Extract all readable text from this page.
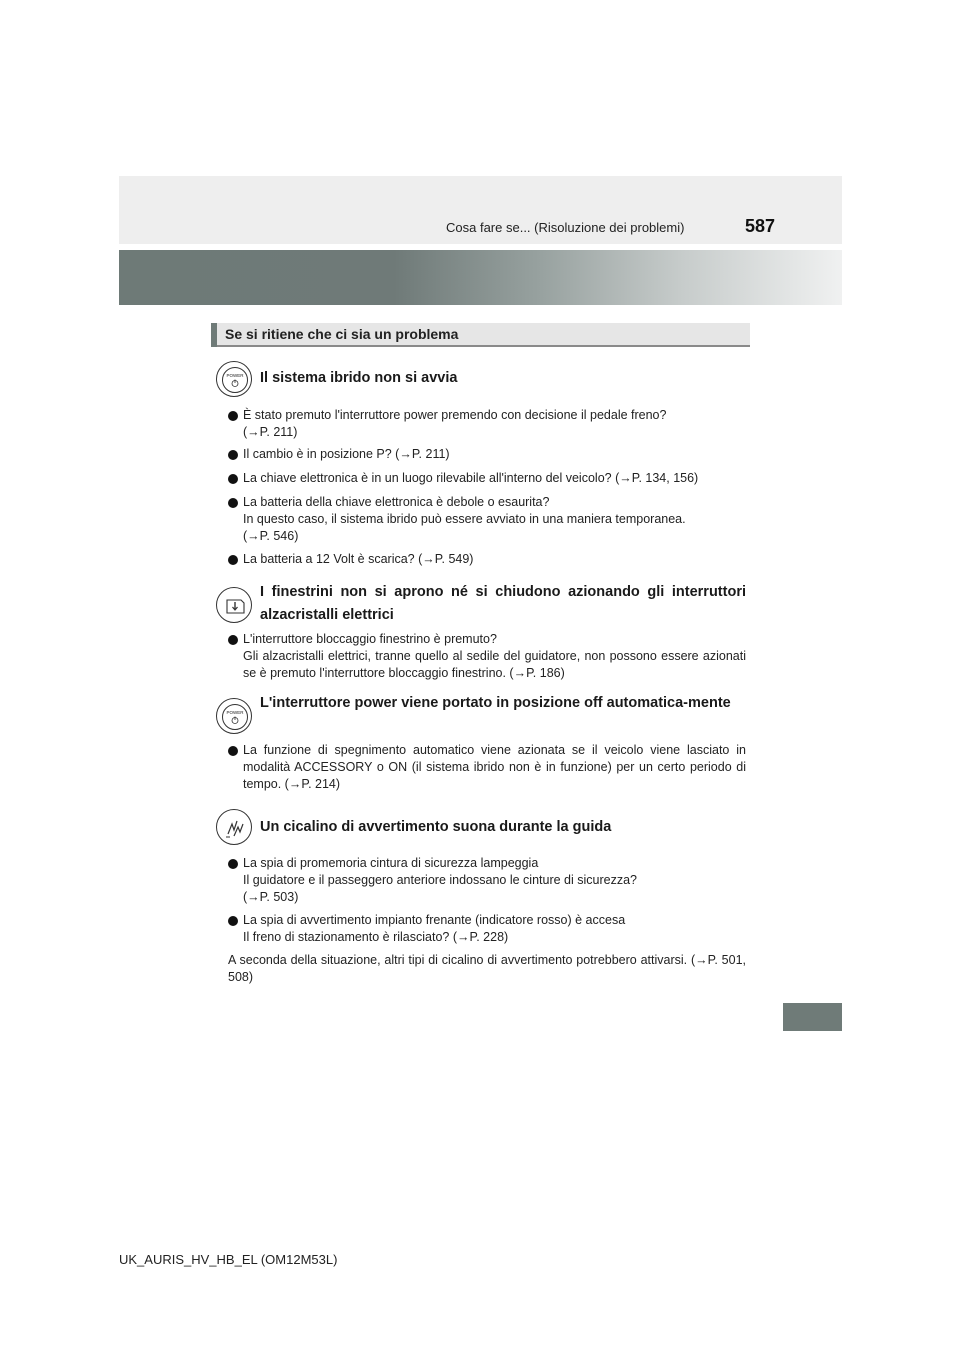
Cosa fare se... (Risoluzione dei problemi)	587
Se si ritiene che ci sia un problema
POWER Il sistema ibrido non si avvia
È stato premuto l'interruttore power premendo con decisione il pedale freno?
(→P. 211)
Il cambio è in posizione P? (→P. 211)
La chiave elettronica è in un luogo rilevabile all'interno del veicolo? (→P. 134, 156)
La batteria della chiave elettronica è debole o esaurita?
In questo caso, il sistema ibrido può essere avviato in una maniera temporanea.
(→P. 546)
La batteria a 12 Volt è scarica? (→P. 549)
I finestrini non si aprono né si chiudono azionando gli interruttori alzacristalli elettrici
L'interruttore bloccaggio finestrino è premuto?
Gli alzacristalli elettrici, tranne quello al sedile del guidatore, non possono essere azionati se è premuto l'interruttore bloccaggio finestrino. (→P. 186)
POWER
L'interruttore power viene portato in posizione off automatica-mente
La funzione di spegnimento automatico viene azionata se il veicolo viene lasciato in modalità ACCESSORY o ON (il sistema ibrido non è in funzione) per un certo periodo di tempo. (→P. 214)
Un cicalino di avvertimento suona durante la guida
La spia di promemoria cintura di sicurezza lampeggia
Il guidatore e il passeggero anteriore indossano le cinture di sicurezza?
(→P. 503)
La spia di avvertimento impianto frenante (indicatore rosso) è accesa
Il freno di stazionamento è rilasciato? (→P. 228)
A seconda della situazione, altri tipi di cicalino di avvertimento potrebbero attivarsi. (→P. 501, 508)
UK_AURIS_HV_HB_EL (OM12M53L)
